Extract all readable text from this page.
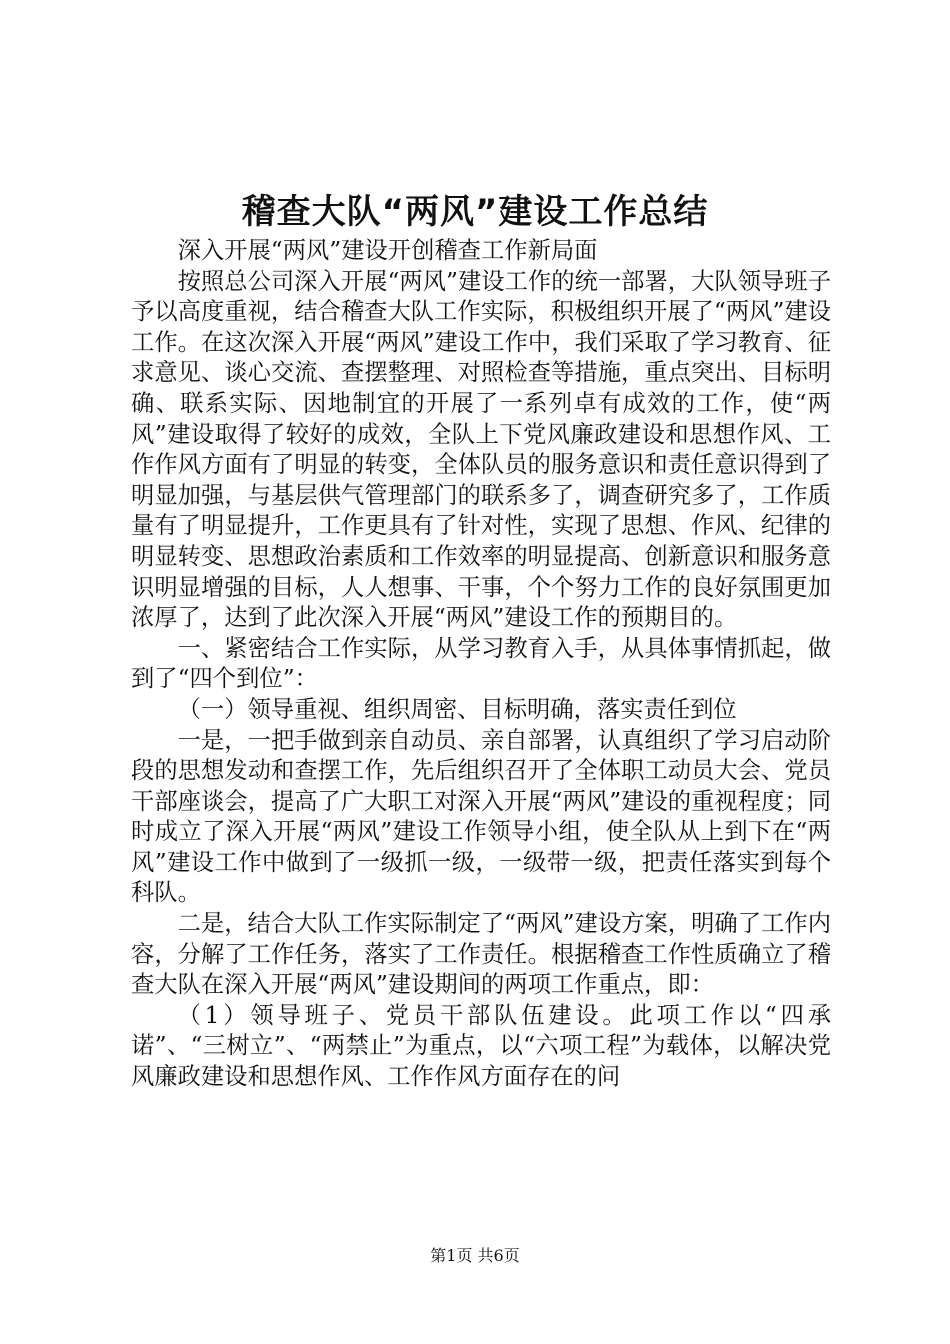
稽查大队“两风”建设工作总结

深入开展“两风”建设开创稽查工作新局面

按照总公司深入开展“两风”建设工作的统一部署，大队领导班子予以高度重视，结合稽查大队工作实际，积极组织开展了“两风”建设工作。在这次深入开展“两风”建设工作中，我们采取了学习教育、征求意见、谈心交流、查摆整理、对照检查等措施，重点突出、目标明确、联系实际、因地制宜的开展了一系列卓有成效的工作，使“两风”建设取得了较好的成效，全队上下党风廉政建设和思想作风、工作作风方面有了明显的转变，全体队员的服务意识和责任意识得到了明显加强，与基层供气管理部门的联系多了，调查研究多了，工作质量有了明显提升，工作更具有了针对性，实现了思想、作风、纪律的明显转变、思想政治素质和工作效率的明显提高、创新意识和服务意识明显增强的目标，人人想事、干事，个个努力工作的良好氛围更加浓厚了，达到了此次深入开展“两风”建设工作的预期目的。

一、紧密结合工作实际，从学习教育入手，从具体事情抓起，做到了“四个到位”：

（一）领导重视、组织周密、目标明确，落实责任到位

一是，一把手做到亲自动员、亲自部署，认真组织了学习启动阶段的思想发动和查摆工作，先后组织召开了全体职工动员大会、党员干部座谈会，提高了广大职工对深入开展“两风”建设的重视程度；同时成立了深入开展“两风”建设工作领导小组，使全队从上到下在“两风”建设工作中做到了一级抓一级，一级带一级，把责任落实到每个科队。

二是，结合大队工作实际制定了“两风”建设方案，明确了工作内容，分解了工作任务，落实了工作责任。根据稽查工作性质确立了稽查大队在深入开展“两风”建设期间的两项工作重点，即：

（1）领导班子、党员干部队伍建设。此项工作以“四承诺”、“三树立”、“两禁止”为重点，以“六项工程”为载体，以解决党风廉政建设和思想作风、工作作风方面存在的问

第1页 共6页
